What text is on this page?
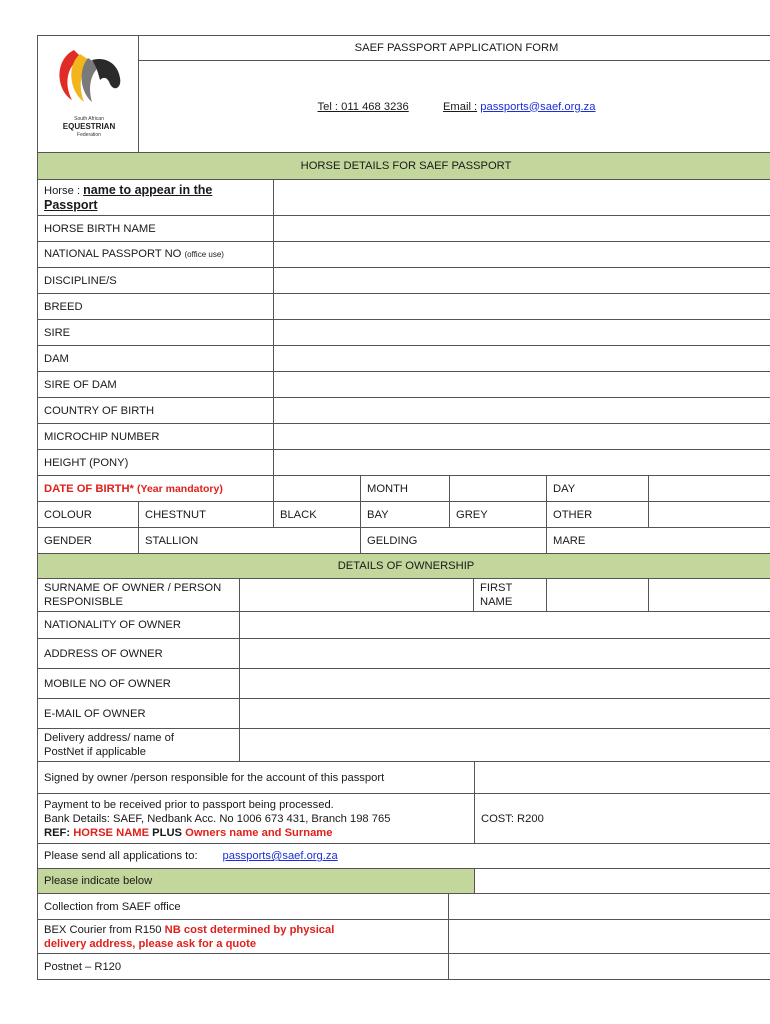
South African
EQUESTRIAN
Federation
	SAEF PASSPORT APPLICATION FORM
Tel : 011 468 3236	Email : passports@saef.org.za
HORSE DETAILS FOR SAEF PASSPORT						
Horse : name to appear in the
Passport						
HORSE BIRTH NAME						
NATIONAL PASSPORT NO (office use)						
DISCIPLINE/S						
BREED						
SIRE						
DAM						
SIRE OF DAM						
COUNTRY OF BIRTH						
MICROCHIP NUMBER						
HEIGHT (PONY)						
DATE OF BIRTH* (Year mandatory)			MONTH		DAY	
COLOUR	CHESTNUT	BLACK	BAY	GREY	OTHER	
GENDER	STALLION		GELDING		MARE	
DETAILS OF OWNERSHIP				
SURNAME OF OWNER / PERSON
RESPONISBLE		FIRST
NAME		
NATIONALITY OF OWNER				
ADDRESS OF OWNER				
MOBILE NO OF OWNER				
E-MAIL OF OWNER				
Delivery address/ name of
PostNet if applicable				
Signed by owner /person responsible for the account of this passport		
Payment to be received prior to passport being processed.
Bank Details: SAEF, Nedbank Acc. No 1006 673 431, Branch 198 765
REF: HORSE NAME PLUS Owners name and Surname		COST: R200
Please send all applications to: passports@saef.org.za		
Please indicate below		
Collection from SAEF office		
BEX Courier from R150 NB cost determined by physical
delivery address, please ask for a quote		
Postnet – R120		
